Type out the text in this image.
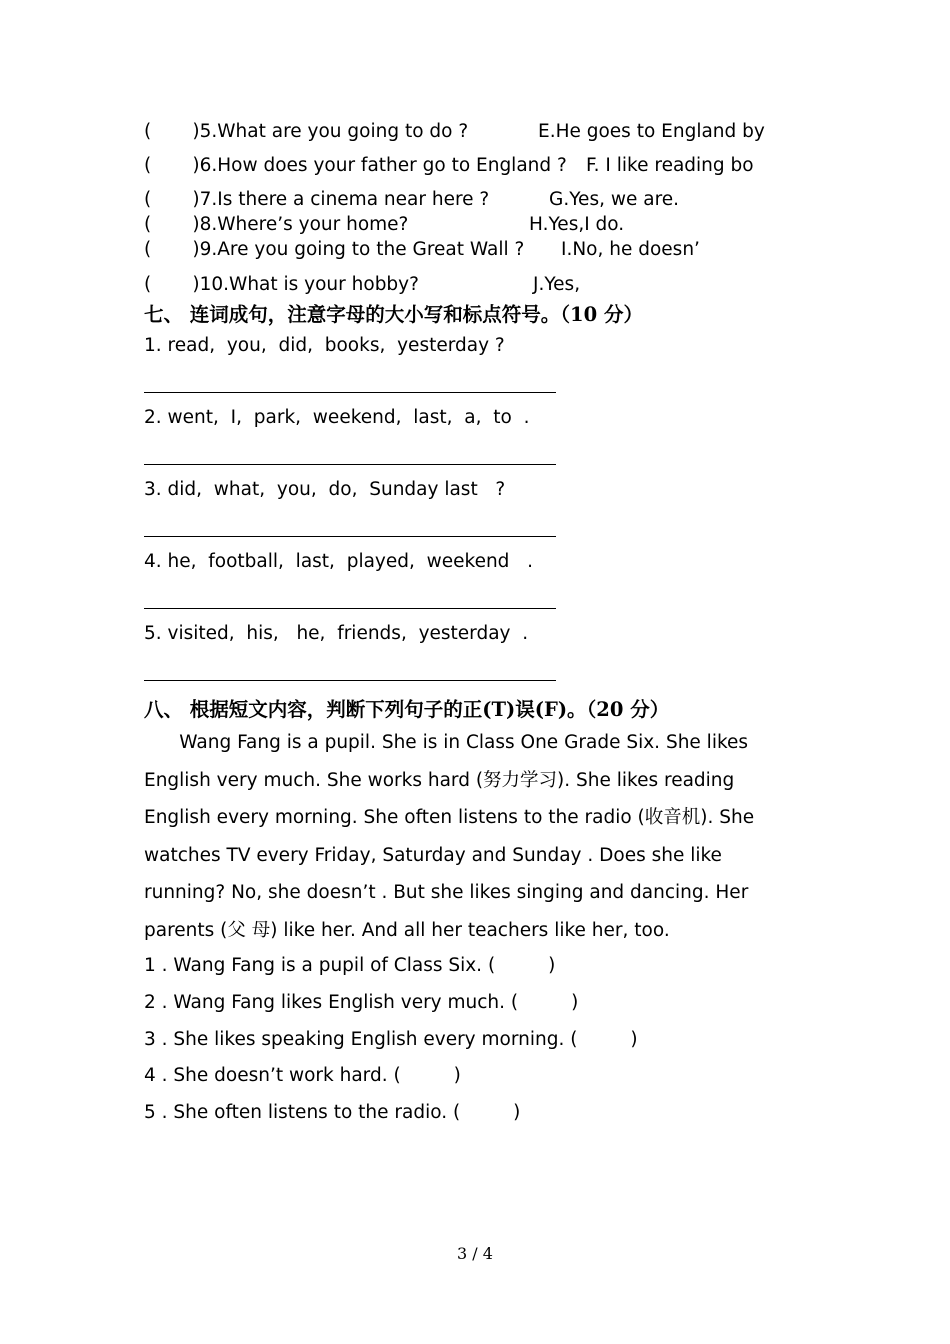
(       )5.What are you going to do ?	E.He goes to England by
(       )6.How does your father go to England ? F. I like reading bo
(       )7.Is there a cinema near here ?	G.Yes, we are.
(       )8.Where’s your home?	H.Yes,I do.
(       )9.Are you going to the Great Wall ? I.No, he doesn’
(       )10.What is your hobby?	J.Yes,
七、 连词成句，注意字母的大小写和标点符号。（10 分）
1. read,  you,  did,  books,  yesterday ?
2. went,  I,  park,  weekend,  last,  a,  to  .
3. did,  what,  you,  do,  Sunday last   ?
4. he,  football,  last,  played,  weekend   .
5. visited,  his,   he,  friends,  yesterday  .
八、 根据短文内容，判断下列句子的正(T)误(F)。（20 分）
Wang Fang is a pupil. She is in Class One Grade Six. She likes
English very much. She works hard (努力学习). She likes reading
English every morning. She often listens to the radio (收音机). She
watches TV every Friday, Saturday and Sunday . Does she like
running? No, she doesn’t . But she likes singing and dancing. Her
parents (父 母) like her. And all her teachers like her, too.
1 . Wang Fang is a pupil of Class Six. (         )
2 . Wang Fang likes English very much. (         )
3 . She likes speaking English every morning. (         )
4 . She doesn’t work hard. (         )
5 . She often listens to the radio. (         )
3 / 4
